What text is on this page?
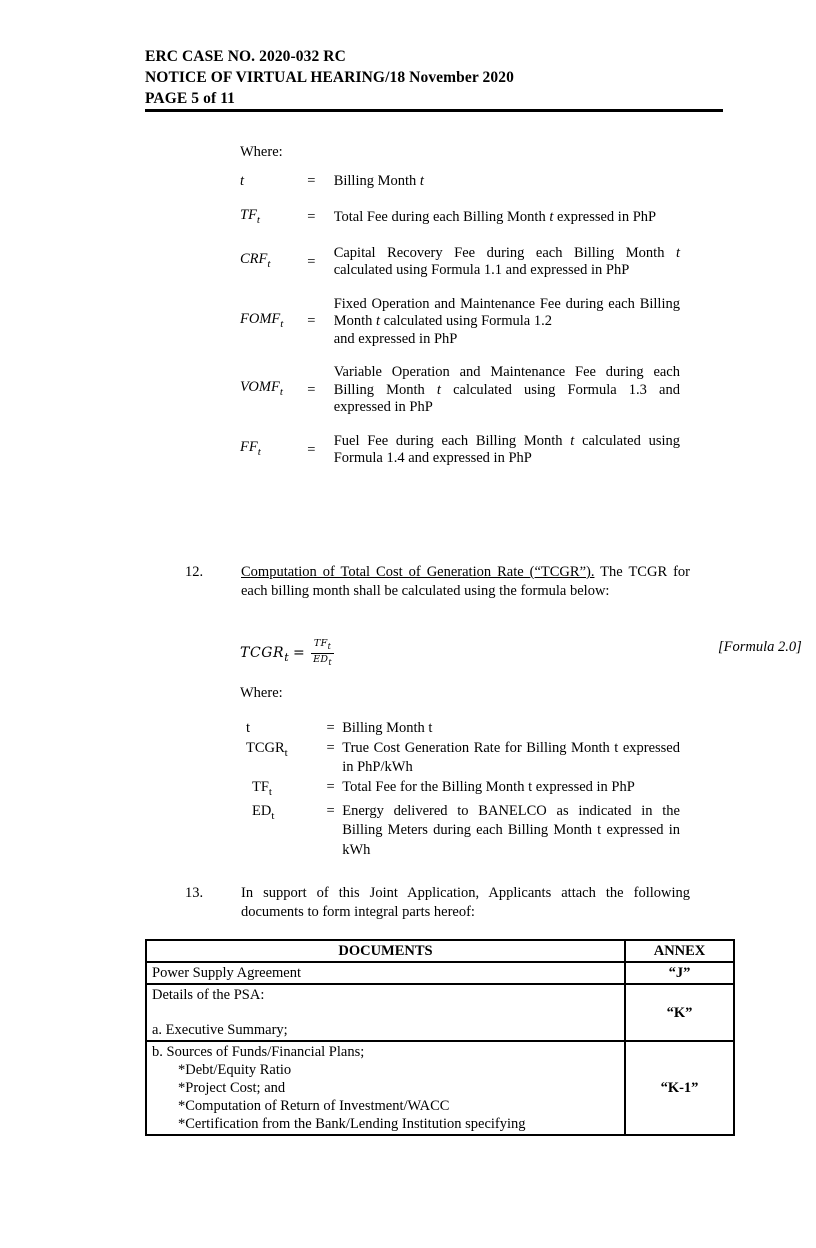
ERC CASE NO. 2020-032 RC
NOTICE OF VIRTUAL HEARING/18 November 2020
PAGE 5 of 11
Where:
t	=	Billing Month t

$TF_t$	=	Total Fee during each Billing Month t expressed in PhP

$CRF_t$	=	Capital Recovery Fee during each Billing Month t calculated using Formula 1.1 and expressed in PhP

$FOMF_t$	=	Fixed Operation and Maintenance Fee during each Billing Month t calculated using Formula 1.2
and expressed in PhP

$VOMF_t$	=	Variable Operation and Maintenance Fee during each Billing Month t calculated using Formula 1.3 and expressed in PhP

$FF_t$	=	Fuel Fee during each Billing Month t calculated using Formula 1.4 and expressed in PhP
12.	Computation of Total Cost of Generation Rate (“TCGR”). The TCGR for each billing month shall be calculated using the formula below:
$TCGR_t = \frac{TF_t}{ED_t}$	[Formula 2.0]
Where:
t	=	Billing Month t
$TCGR_t$	=	True Cost Generation Rate for Billing Month t expressed in PhP/kWh
$TF_t$	=	Total Fee for the Billing Month t expressed in PhP
$ED_t$	=	Energy delivered to BANELCO as indicated in the Billing Meters during each Billing Month t expressed in kWh
13.	In support of this Joint Application, Applicants attach the following documents to form integral parts hereof:
DOCUMENTS	ANNEX

Power Supply Agreement	“J”

Details of the PSA:
a. Executive Summary;	“K”

b. Sources of Funds/Financial Plans;
*Debt/Equity Ratio
*Project Cost; and
*Computation of Return of Investment/WACC
*Certification from the Bank/Lending Institution specifying	“K-1”
